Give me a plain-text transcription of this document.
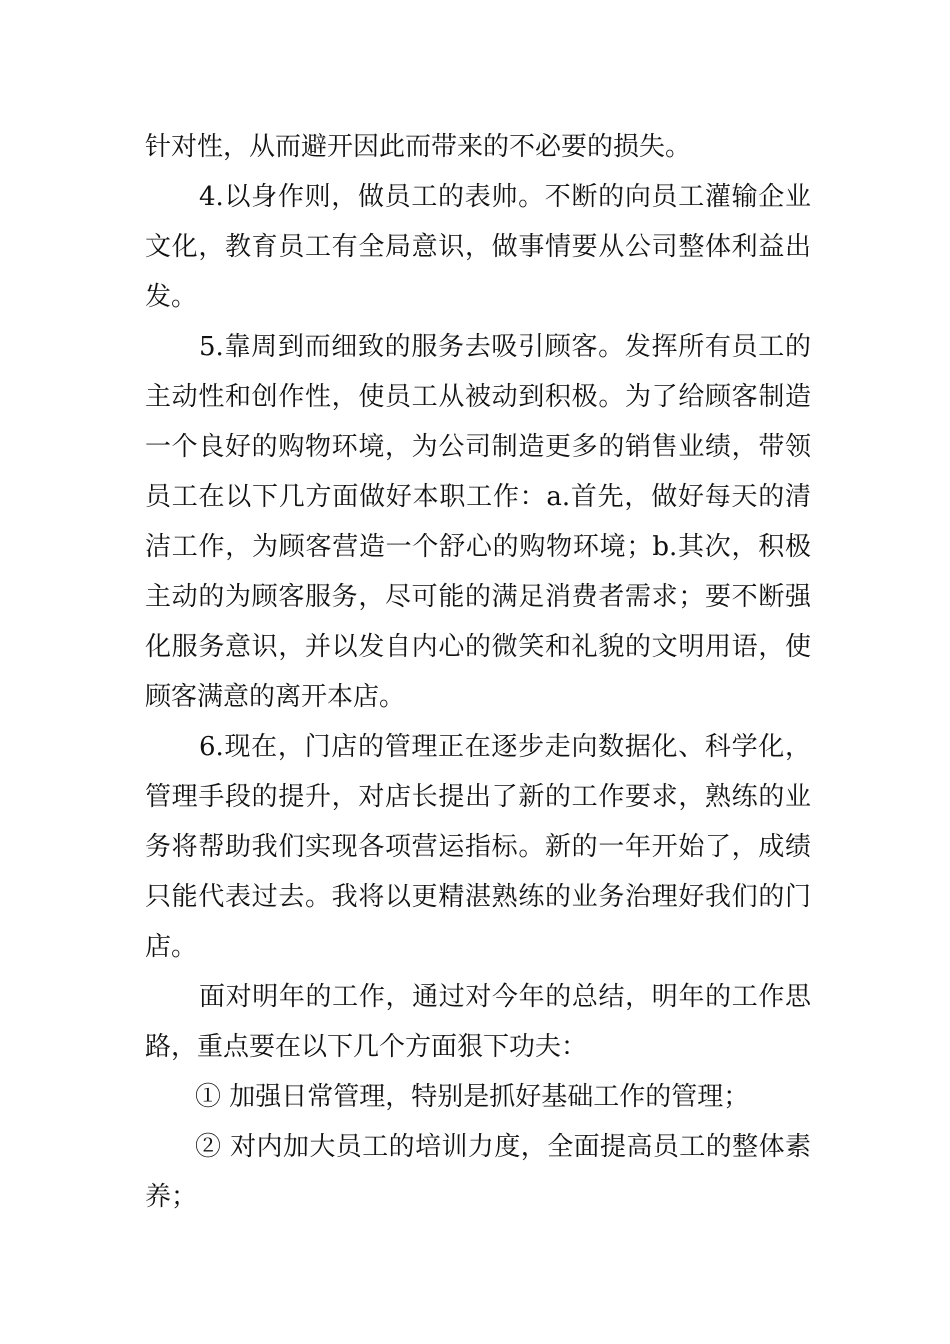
针对性，从而避开因此而带来的不必要的损失。

4.以身作则，做员工的表帅。不断的向员工灌输企业文化，教育员工有全局意识，做事情要从公司整体利益出发。

5.靠周到而细致的服务去吸引顾客。发挥所有员工的主动性和创作性，使员工从被动到积极。为了给顾客制造一个良好的购物环境，为公司制造更多的销售业绩，带领员工在以下几方面做好本职工作：a.首先，做好每天的清洁工作，为顾客营造一个舒心的购物环境；b.其次，积极主动的为顾客服务，尽可能的满足消费者需求；要不断强化服务意识，并以发自内心的微笑和礼貌的文明用语，使顾客满意的离开本店。

6.现在，门店的管理正在逐步走向数据化、科学化，管理手段的提升，对店长提出了新的工作要求，熟练的业务将帮助我们实现各项营运指标。新的一年开始了，成绩只能代表过去。我将以更精湛熟练的业务治理好我们的门店。

面对明年的工作，通过对今年的总结，明年的工作思路，重点要在以下几个方面狠下功夫：

① 加强日常管理，特别是抓好基础工作的管理；

② 对内加大员工的培训力度，全面提高员工的整体素养；
